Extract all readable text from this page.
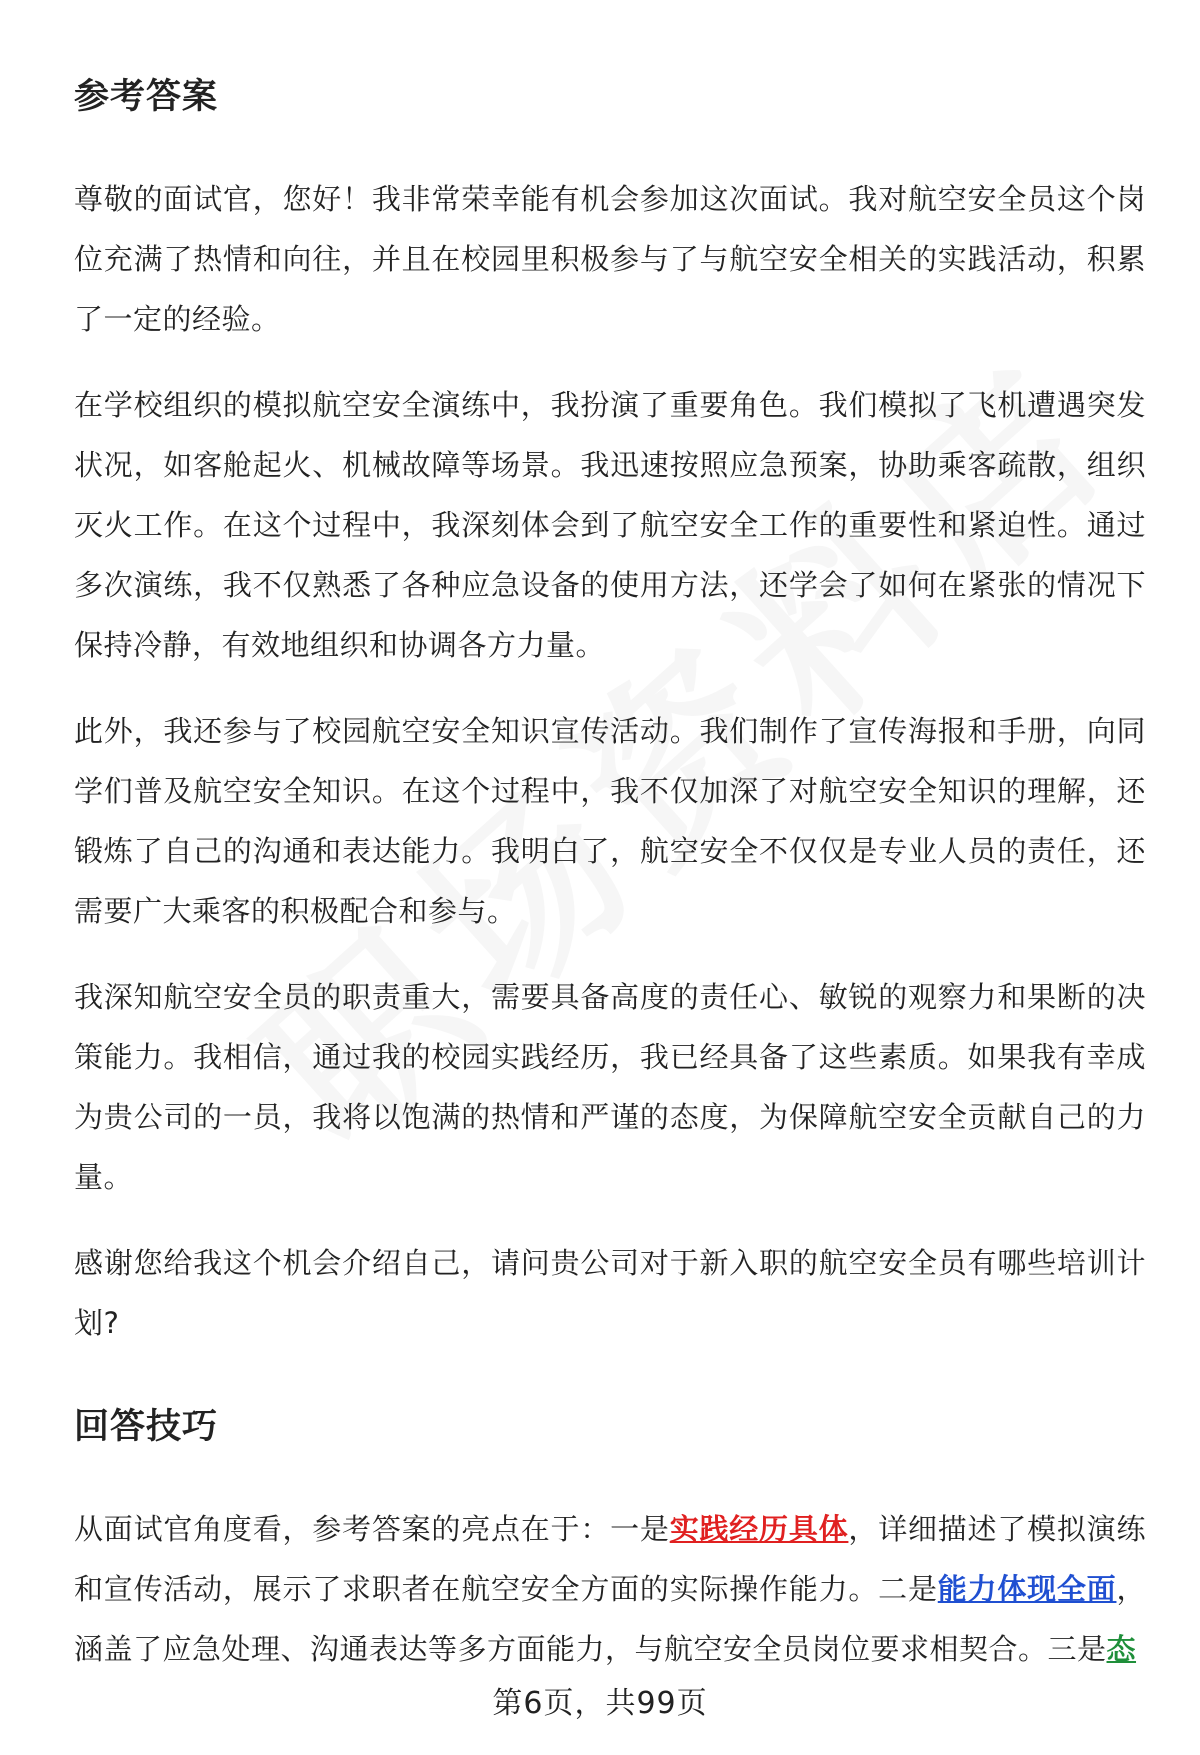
参考答案

尊敬的面试官，您好！我非常荣幸能有机会参加这次面试。我对航空安全员这个岗位充满了热情和向往，并且在校园里积极参与了与航空安全相关的实践活动，积累了一定的经验。

在学校组织的模拟航空安全演练中，我扮演了重要角色。我们模拟了飞机遭遇突发状况，如客舱起火、机械故障等场景。我迅速按照应急预案，协助乘客疏散，组织灭火工作。在这个过程中，我深刻体会到了航空安全工作的重要性和紧迫性。通过多次演练，我不仅熟悉了各种应急设备的使用方法，还学会了如何在紧张的情况下保持冷静，有效地组织和协调各方力量。

此外，我还参与了校园航空安全知识宣传活动。我们制作了宣传海报和手册，向同学们普及航空安全知识。在这个过程中，我不仅加深了对航空安全知识的理解，还锻炼了自己的沟通和表达能力。我明白了，航空安全不仅仅是专业人员的责任，还需要广大乘客的积极配合和参与。

我深知航空安全员的职责重大，需要具备高度的责任心、敏锐的观察力和果断的决策能力。我相信，通过我的校园实践经历，我已经具备了这些素质。如果我有幸成为贵公司的一员，我将以饱满的热情和严谨的态度，为保障航空安全贡献自己的力量。

感谢您给我这个机会介绍自己，请问贵公司对于新入职的航空安全员有哪些培训计划?

回答技巧

从面试官角度看，参考答案的亮点在于：一是实践经历具体，详细描述了模拟演练和宣传活动，展示了求职者在航空安全方面的实际操作能力。二是能力体现全面，涵盖了应急处理、沟通表达等多方面能力，与航空安全员岗位要求相契合。三是态

第6页，共99页
